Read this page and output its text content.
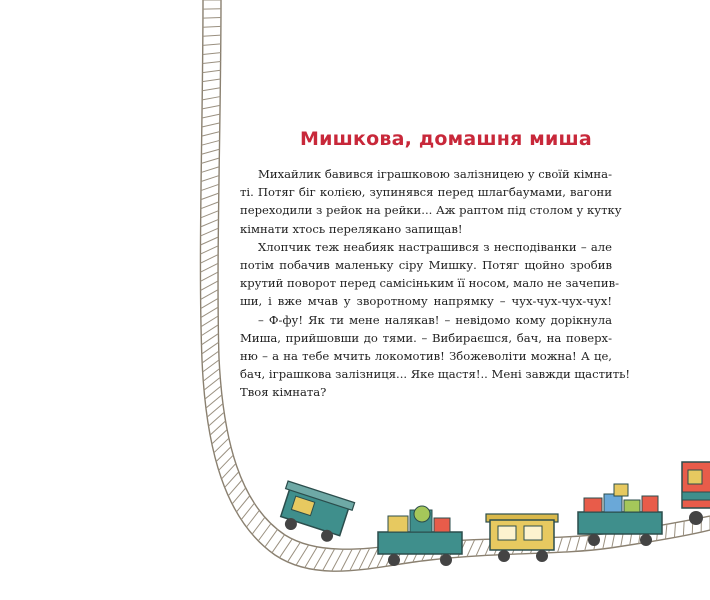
Мишкова, домашня миша
Михайлик бавився іграшковою залізницею у своїй кімна-
ті. Потяг біг колією, зупинявся перед шлагбаумами, вагони
переходили з рейок на рейки... Аж раптом під столом у кутку
кімнати хтось перелякано запищав!
Хлопчик теж неабияк настрашився з несподіванки – але
потім побачив маленьку сіру Мишку. Потяг щойно зробив
крутий поворот перед самісіньким її носом, мало не зачепив-
ши, і вже мчав у зворотному напрямку – чух-чух-чух-чух!
– Ф-фу! Як ти мене налякав! – невідомо кому дорікнула
Миша, прийшовши до тями. – Вибираєшся, бач, на поверх-
ню – а на тебе мчить локомотив! Збожеволіти можна! А це,
бач, іграшкова залізниця... Яке щастя!.. Мені завжди щастить!
Твоя кімната?
